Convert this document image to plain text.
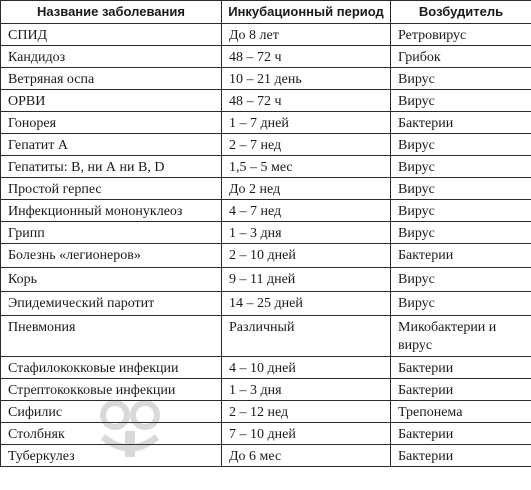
Название заболевания	Инкубационный период	Возбудитель
СПИД	До 8 лет	Ретровирус
Кандидоз	48 – 72 ч	Грибок
Ветряная оспа	10 – 21 день	Вирус
ОРВИ	48 – 72 ч	Вирус
Гонорея	1 – 7 дней	Бактерии
Гепатит А	2 – 7 нед	Вирус
Гепатиты: В, ни А ни В, D	1,5 – 5 мес	Вирус
Простой герпес	До 2 нед	Вирус
Инфекционный мононуклеоз	4 – 7 нед	Вирус
Грипп	1 – 3 дня	Вирус
Болезнь «легионеров»	2 – 10 дней	Бактерии
Корь	9 – 11 дней	Вирус
Эпидемический паротит	14 – 25 дней	Вирус
Пневмония	Различный	Микобактерии и вирус
Стафилококковые инфекции	4 – 10 дней	Бактерии
Стрептококковые инфекции	1 – 3 дня	Бактерии
Сифилис	2 – 12 нед	Трепонема
Столбняк	7 – 10 дней	Бактерии
Туберкулез	До 6 мес	Бактерии
